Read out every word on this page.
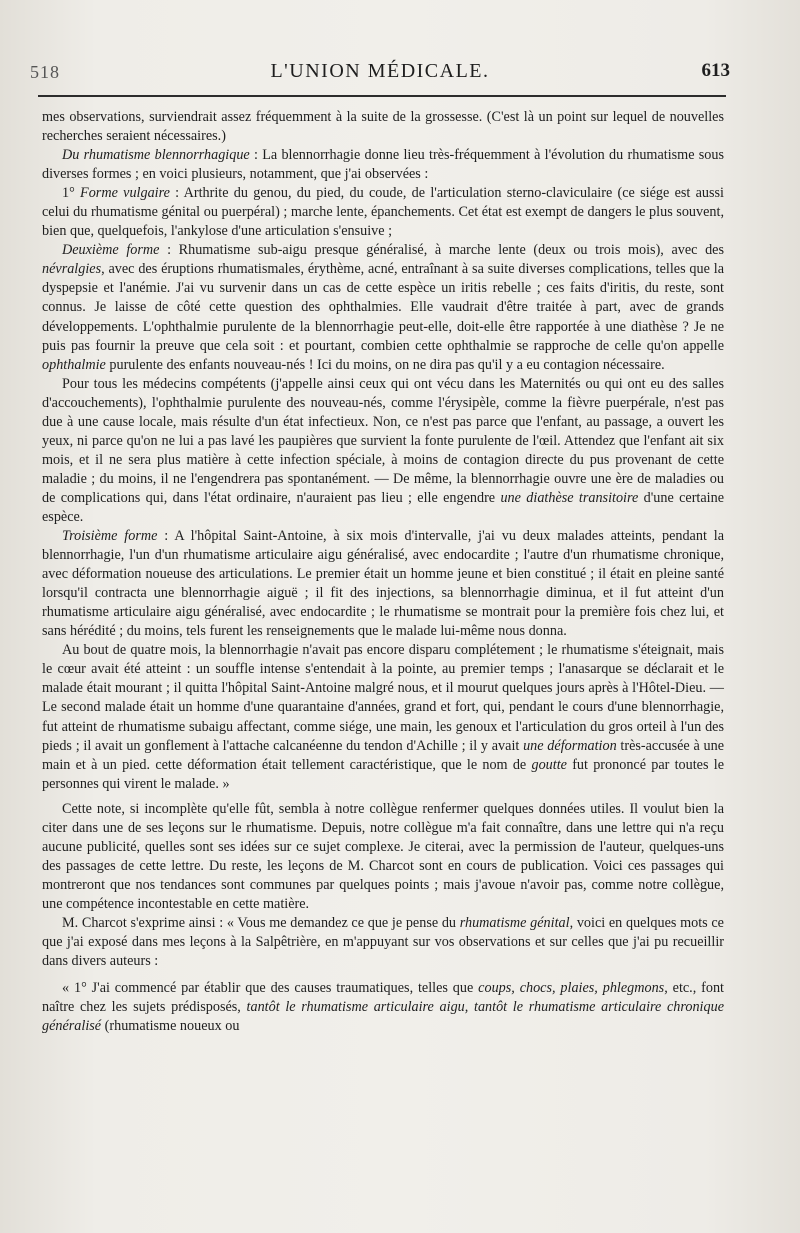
518	L'UNION MÉDICALE.	613

mes observations, surviendrait assez fréquemment à la suite de la grossesse. (C'est là un point sur lequel de nouvelles recherches seraient nécessaires.)

Du rhumatisme blennorrhagique : La blennorrhagie donne lieu très-fréquemment à l'évolution du rhumatisme sous diverses formes ; en voici plusieurs, notamment, que j'ai observées :

1° Forme vulgaire : Arthrite du genou, du pied, du coude, de l'articulation sterno-claviculaire (ce siége est aussi celui du rhumatisme génital ou puerpéral) ; marche lente, épanchements. Cet état est exempt de dangers le plus souvent, bien que, quelquefois, l'ankylose d'une articulation s'ensuive ;

Deuxième forme : Rhumatisme sub-aigu presque généralisé, à marche lente (deux ou trois mois), avec des névralgies, avec des éruptions rhumatismales, érythème, acné, entraînant à sa suite diverses complications, telles que la dyspepsie et l'anémie. J'ai vu survenir dans un cas de cette espèce un iritis rebelle ; ces faits d'iritis, du reste, sont connus. Je laisse de côté cette question des ophthalmies. Elle vaudrait d'être traitée à part, avec de grands développements. L'ophthalmie purulente de la blennorrhagie peut-elle, doit-elle être rapportée à une diathèse ? Je ne puis pas fournir la preuve que cela soit : et pourtant, combien cette ophthalmie se rapproche de celle qu'on appelle ophthalmie purulente des enfants nouveau-nés ! Ici du moins, on ne dira pas qu'il y a eu contagion nécessaire.

Pour tous les médecins compétents (j'appelle ainsi ceux qui ont vécu dans les Maternités ou qui ont eu des salles d'accouchements), l'ophthalmie purulente des nouveau-nés, comme l'érysipèle, comme la fièvre puerpérale, n'est pas due à une cause locale, mais résulte d'un état infectieux. Non, ce n'est pas parce que l'enfant, au passage, a ouvert les yeux, ni parce qu'on ne lui a pas lavé les paupières que survient la fonte purulente de l'œil. Attendez que l'enfant ait six mois, et il ne sera plus matière à cette infection spéciale, à moins de contagion directe du pus provenant de cette maladie ; du moins, il ne l'engendrera pas spontanément. — De même, la blennorrhagie ouvre une ère de maladies ou de complications qui, dans l'état ordinaire, n'auraient pas lieu ; elle engendre une diathèse transitoire d'une certaine espèce.

Troisième forme : A l'hôpital Saint-Antoine, à six mois d'intervalle, j'ai vu deux malades atteints, pendant la blennorrhagie, l'un d'un rhumatisme articulaire aigu généralisé, avec endocardite ; l'autre d'un rhumatisme chronique, avec déformation noueuse des articulations. Le premier était un homme jeune et bien constitué ; il était en pleine santé lorsqu'il contracta une blennorrhagie aiguë ; il fit des injections, sa blennorrhagie diminua, et il fut atteint d'un rhumatisme articulaire aigu généralisé, avec endocardite ; le rhumatisme se montrait pour la première fois chez lui, et sans hérédité ; du moins, tels furent les renseignements que le malade lui-même nous donna.

Au bout de quatre mois, la blennorrhagie n'avait pas encore disparu complétement ; le rhumatisme s'éteignait, mais le cœur avait été atteint : un souffle intense s'entendait à la pointe, au premier temps ; l'anasarque se déclarait et le malade était mourant ; il quitta l'hôpital Saint-Antoine malgré nous, et il mourut quelques jours après à l'Hôtel-Dieu. — Le second malade était un homme d'une quarantaine d'années, grand et fort, qui, pendant le cours d'une blennorrhagie, fut atteint de rhumatisme subaigu affectant, comme siége, une main, les genoux et l'articulation du gros orteil à l'un des pieds ; il avait un gonflement à l'attache calcanéenne du tendon d'Achille ; il y avait une déformation très-accusée à une main et à un pied. cette déformation était tellement caractéristique, que le nom de goutte fut prononcé par toutes le personnes qui virent le malade. »

Cette note, si incomplète qu'elle fût, sembla à notre collègue renfermer quelques données utiles. Il voulut bien la citer dans une de ses leçons sur le rhumatisme. Depuis, notre collègue m'a fait connaître, dans une lettre qui n'a reçu aucune publicité, quelles sont ses idées sur ce sujet complexe. Je citerai, avec la permission de l'auteur, quelques-uns des passages de cette lettre. Du reste, les leçons de M. Charcot sont en cours de publication. Voici ces passages qui montreront que nos tendances sont communes par quelques points ; mais j'avoue n'avoir pas, comme notre collègue, une compétence incontestable en cette matière.

M. Charcot s'exprime ainsi : « Vous me demandez ce que je pense du rhumatisme génital, voici en quelques mots ce que j'ai exposé dans mes leçons à la Salpêtrière, en m'appuyant sur vos observations et sur celles que j'ai pu recueillir dans divers auteurs :

« 1° J'ai commencé par établir que des causes traumatiques, telles que coups, chocs, plaies, phlegmons, etc., font naître chez les sujets prédisposés, tantôt le rhumatisme articulaire aigu, tantôt le rhumatisme articulaire chronique généralisé (rhumatisme noueux ou
